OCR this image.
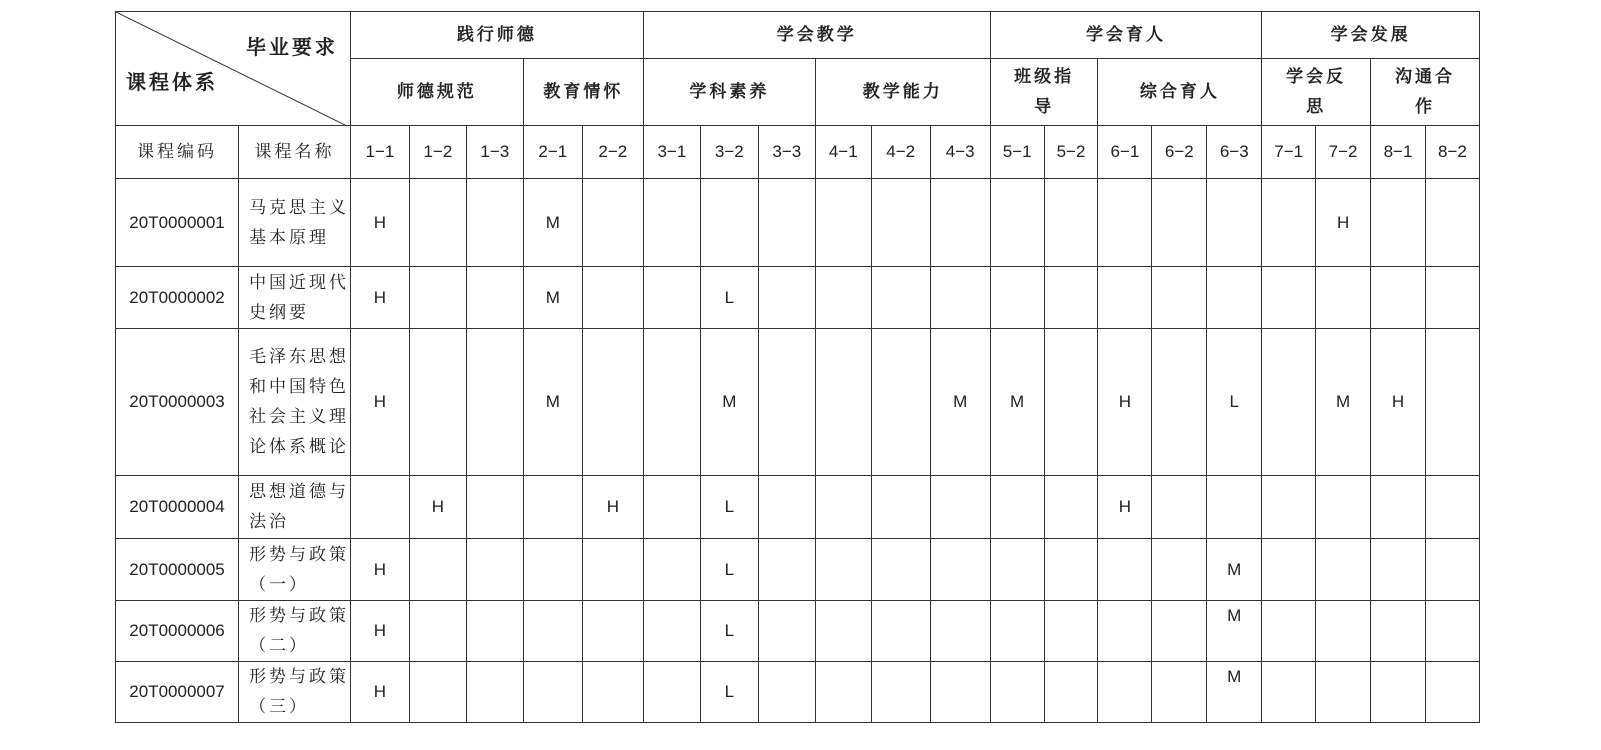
毕业要求
课程体系		践行师德					学会教学						学会育人					学会发展			
		师德规范			教育情怀		学科素养			教学能力			班级指导		综合育人			学会反思		沟通合作	
课程编码	课程名称	1−1	1−2	1−3	2−1	2−2	3−1	3−2	3−3	4−1	4−2	4−3	5−1	5−2	6−1	6−2	6−3	7−1	7−2	8−1	8−2
20T0000001	马克思主义基本原理	H			M														H		
20T0000002	中国近现代史纲要	H			M			L													
20T0000003	毛泽东思想和中国特色社会主义理论体系概论	H			M			M				M	M		H		L		M	H	
20T0000004	思想道德与法治		H			H		L							H						
20T0000005	形势与政策（一）	H						L									M				
20T0000006	形势与政策（二）	H						L									M				
20T0000007	形势与政策（三）	H						L									M				
